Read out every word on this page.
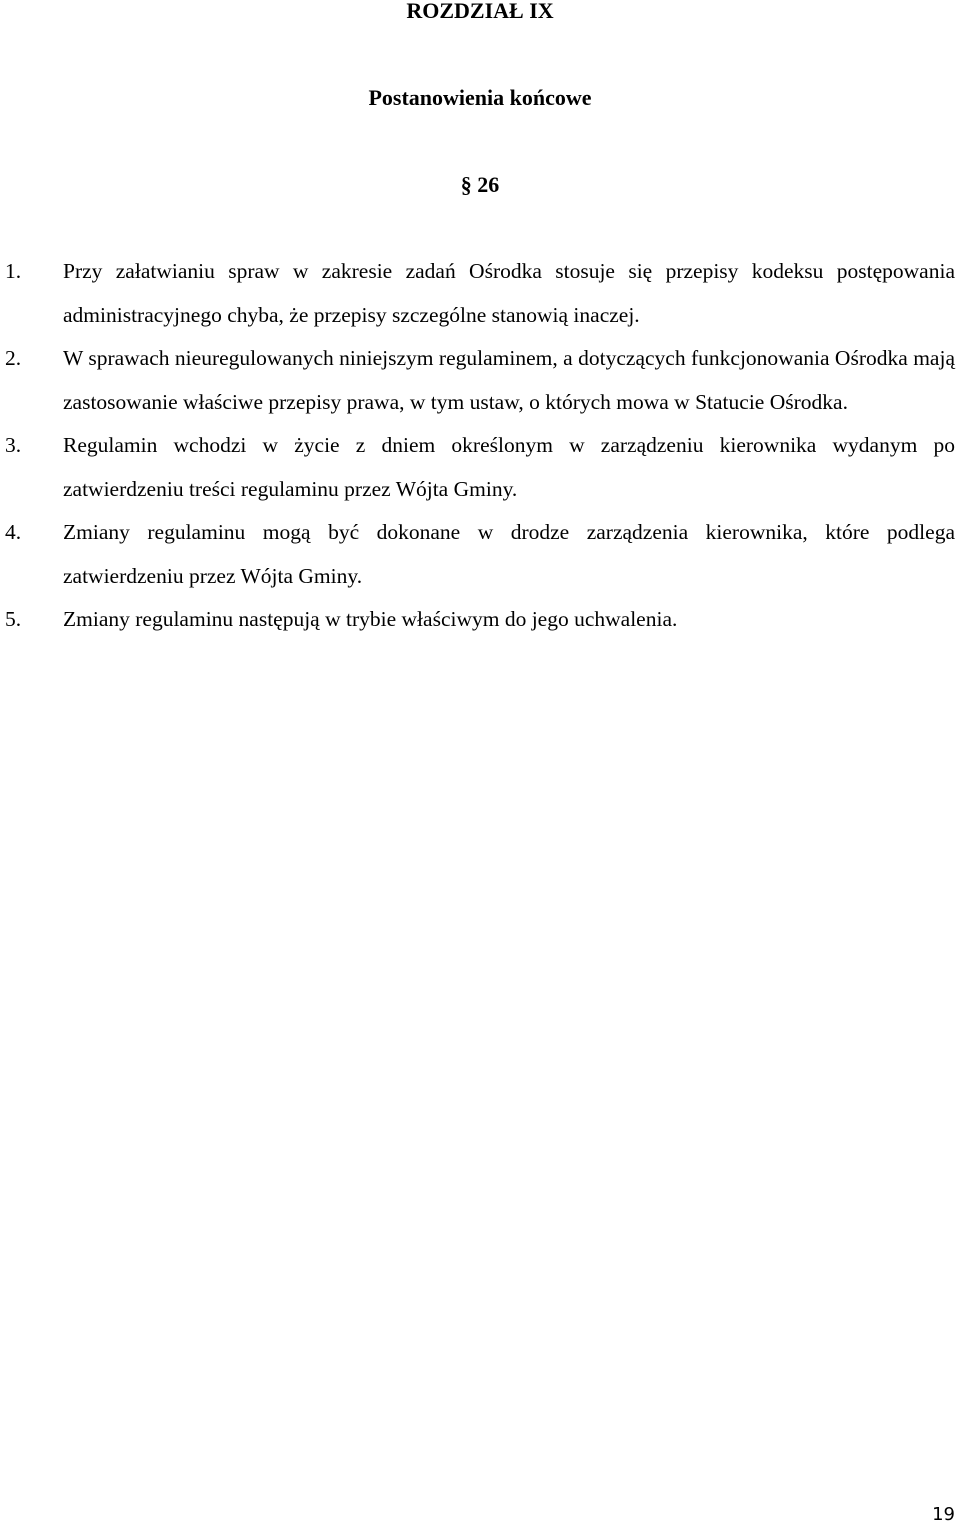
ROZDZIAŁ IX
Postanowienia końcowe
§ 26
1. Przy załatwianiu spraw w zakresie zadań Ośrodka stosuje się przepisy kodeksu postępowania administracyjnego chyba, że przepisy szczególne stanowią inaczej.
2. W sprawach nieuregulowanych niniejszym regulaminem, a dotyczących funkcjonowania Ośrodka mają zastosowanie właściwe przepisy prawa, w tym ustaw, o których mowa w Statucie Ośrodka.
3. Regulamin wchodzi w życie z dniem określonym w zarządzeniu kierownika wydanym po zatwierdzeniu treści regulaminu przez Wójta Gminy.
4. Zmiany regulaminu mogą być dokonane w drodze zarządzenia kierownika, które podlega zatwierdzeniu przez Wójta Gminy.
5. Zmiany regulaminu następują w trybie właściwym do jego uchwalenia.
19
